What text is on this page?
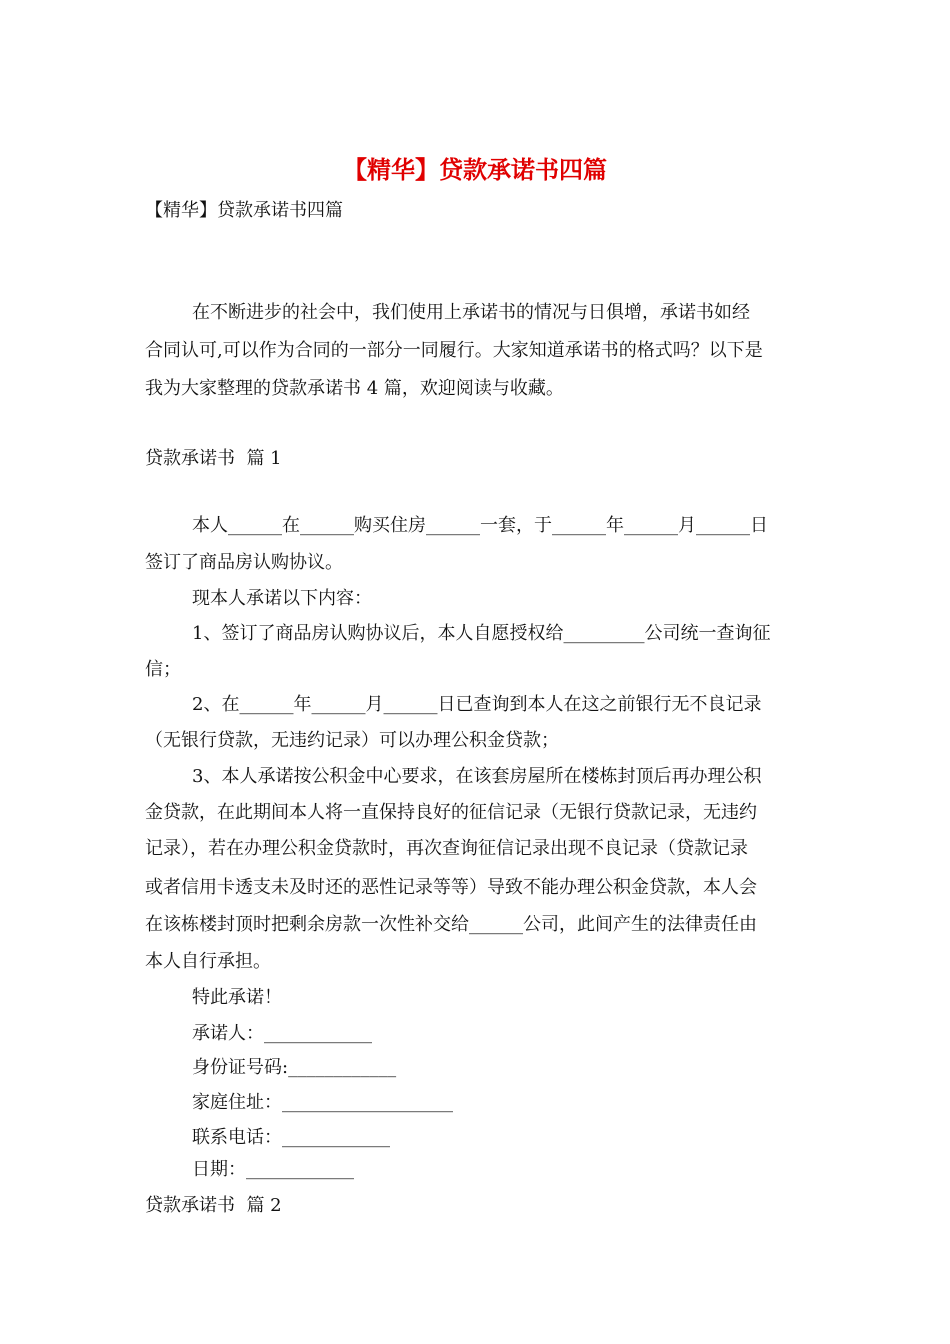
【精华】贷款承诺书四篇
【精华】贷款承诺书四篇
在不断进步的社会中，我们使用上承诺书的情况与日俱增，承诺书如经
合同认可,可以作为合同的一部分一同履行。大家知道承诺书的格式吗？以下是
我为大家整理的贷款承诺书 4 篇，欢迎阅读与收藏。
贷款承诺书  篇 1
本人______在______购买住房______一套，于______年______月______日
签订了商品房认购协议。
现本人承诺以下内容：
1、签订了商品房认购协议后，本人自愿授权给_________公司统一查询征
信；
2、在______年______月______日已查询到本人在这之前银行无不良记录
（无银行贷款，无违约记录）可以办理公积金贷款；
3、本人承诺按公积金中心要求，在该套房屋所在楼栋封顶后再办理公积
金贷款，在此期间本人将一直保持良好的征信记录（无银行贷款记录，无违约
记录），若在办理公积金贷款时，再次查询征信记录出现不良记录（贷款记录
或者信用卡透支未及时还的恶性记录等等）导致不能办理公积金贷款，本人会
在该栋楼封顶时把剩余房款一次性补交给______公司，此间产生的法律责任由
本人自行承担。
特此承诺！
承诺人：____________
身份证号码:____________
家庭住址：___________________
联系电话：____________
日期：____________
贷款承诺书  篇 2
